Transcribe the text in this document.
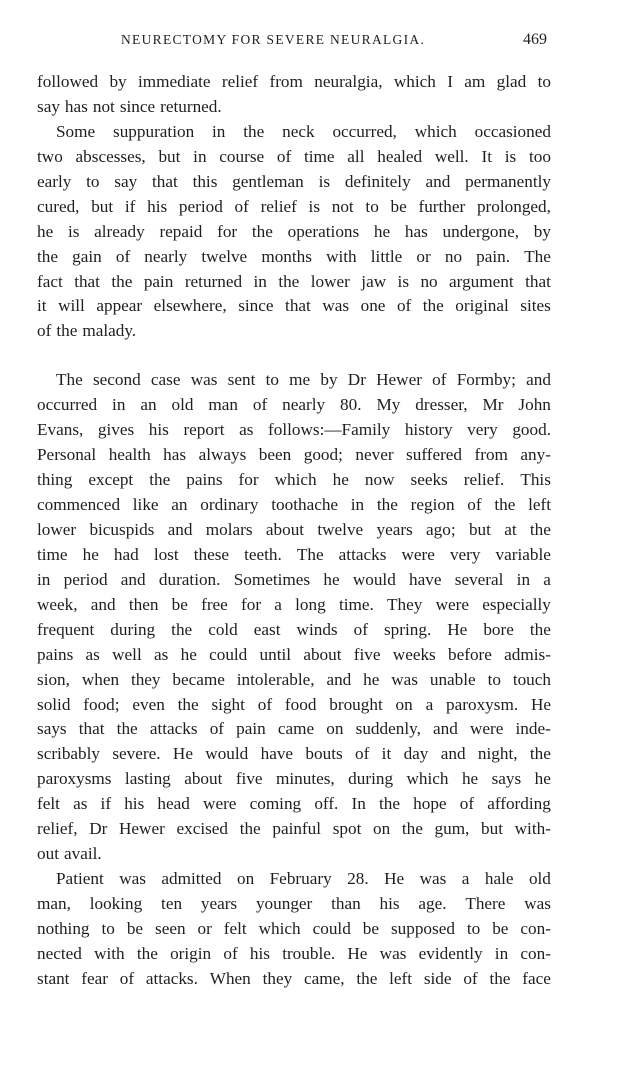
NEURECTOMY FOR SEVERE NEURALGIA.	469
followed by immediate relief from neuralgia, which I am glad to
say has not since returned.
Some suppuration in the neck occurred, which occasioned
two abscesses, but in course of time all healed well. It is too
early to say that this gentleman is definitely and permanently
cured, but if his period of relief is not to be further prolonged,
he is already repaid for the operations he has undergone, by
the gain of nearly twelve months with little or no pain. The
fact that the pain returned in the lower jaw is no argument that
it will appear elsewhere, since that was one of the original sites
of the malady.
The second case was sent to me by Dr Hewer of Formby; and
occurred in an old man of nearly 80. My dresser, Mr John
Evans, gives his report as follows:—Family history very good.
Personal health has always been good; never suffered from any-
thing except the pains for which he now seeks relief. This
commenced like an ordinary toothache in the region of the left
lower bicuspids and molars about twelve years ago; but at the
time he had lost these teeth. The attacks were very variable
in period and duration. Sometimes he would have several in a
week, and then be free for a long time. They were especially
frequent during the cold east winds of spring. He bore the
pains as well as he could until about five weeks before admis-
sion, when they became intolerable, and he was unable to touch
solid food; even the sight of food brought on a paroxysm. He
says that the attacks of pain came on suddenly, and were inde-
scribably severe. He would have bouts of it day and night, the
paroxysms lasting about five minutes, during which he says he
felt as if his head were coming off. In the hope of affording
relief, Dr Hewer excised the painful spot on the gum, but with-
out avail.
Patient was admitted on February 28. He was a hale old
man, looking ten years younger than his age. There was
nothing to be seen or felt which could be supposed to be con-
nected with the origin of his trouble. He was evidently in con-
stant fear of attacks. When they came, the left side of the face
